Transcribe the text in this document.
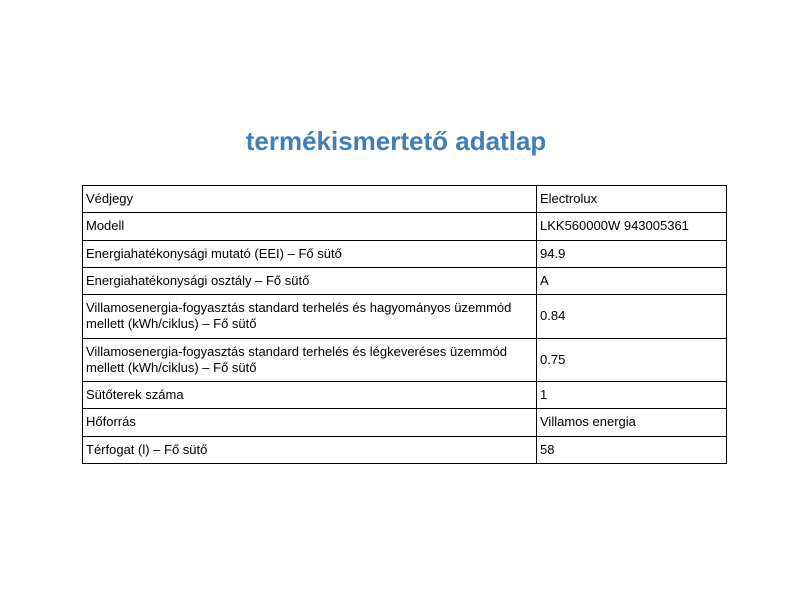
termékismertető adatlap
Védjegy	Electrolux
Modell	LKK560000W 943005361
Energiahatékonysági mutató (EEI) – Fő sütő	94.9
Energiahatékonysági osztály – Fő sütő	A
Villamosenergia-fogyasztás standard terhelés és hagyományos üzemmód mellett (kWh/ciklus) – Fő sütő	0.84
Villamosenergia-fogyasztás standard terhelés és légkeveréses üzemmód mellett (kWh/ciklus) – Fő sütő	0.75
Sütőterek száma	1
Hőforrás	Villamos energia
Térfogat (l) – Fő sütő	58
